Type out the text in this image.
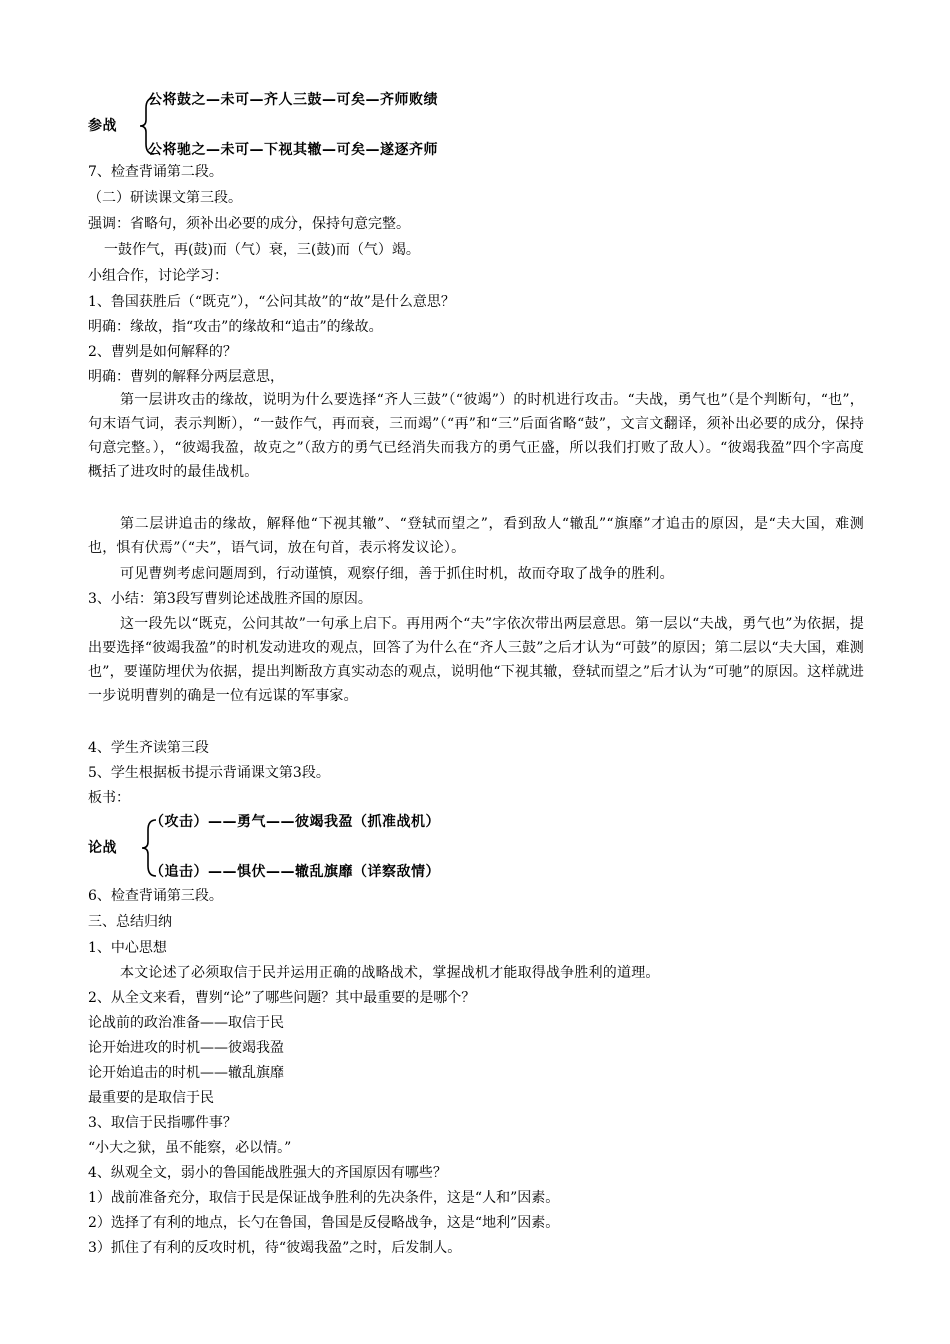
公将鼓之—未可—齐人三鼓—可矣—齐师败绩
参战
公将驰之—未可—下视其辙—可矣—遂逐齐师
7、检查背诵第二段。
（二）研读课文第三段。
强调：省略句，须补出必要的成分，保持句意完整。
一鼓作气，再(鼓)而（气）衰，三(鼓)而（气）竭。
小组合作，讨论学习：
1、鲁国获胜后（“既克”），“公问其故”的“故”是什么意思？
明确：缘故，指“攻击”的缘故和“追击”的缘故。
2、曹刿是如何解释的？
明确：曹刿的解释分两层意思，
第一层讲攻击的缘故，说明为什么要选择“齐人三鼓”（“彼竭”）的时机进行攻击。“夫战，勇气也”（是个判断句，“也”，句末语气词，表示判断），“一鼓作气，再而衰，三而竭”（“再”和“三”后面省略“鼓”，文言文翻译，须补出必要的成分，保持句意完整。），“彼竭我盈，故克之”（敌方的勇气已经消失而我方的勇气正盛，所以我们打败了敌人）。“彼竭我盈”四个字高度概括了进攻时的最佳战机。
第二层讲追击的缘故，解释他“下视其辙”、“登轼而望之”，看到敌人“辙乱”“旗靡”才追击的原因，是“夫大国，难测也，惧有伏焉”（“夫”，语气词，放在句首，表示将发议论）。
可见曹刿考虑问题周到，行动谨慎，观察仔细，善于抓住时机，故而夺取了战争的胜利。
3、小结：第3段写曹刿论述战胜齐国的原因。
这一段先以“既克，公问其故”一句承上启下。再用两个“夫”字依次带出两层意思。第一层以“夫战，勇气也”为依据，提出要选择“彼竭我盈”的时机发动进攻的观点，回答了为什么在“齐人三鼓”之后才认为“可鼓”的原因；第二层以“夫大国，难测也”，要谨防埋伏为依据，提出判断敌方真实动态的观点，说明他“下视其辙，登轼而望之”后才认为“可驰”的原因。这样就进一步说明曹刿的确是一位有远谋的军事家。
4、学生齐读第三段
5、学生根据板书提示背诵课文第3段。
板书：
（攻击）——勇气——彼竭我盈（抓准战机）
论战
（追击）——惧伏——辙乱旗靡（详察敌情）
6、检查背诵第三段。
三、总结归纳
1、中心思想
本文论述了必须取信于民并运用正确的战略战术，掌握战机才能取得战争胜利的道理。
2、从全文来看，曹刿“论”了哪些问题？其中最重要的是哪个？
论战前的政治准备——取信于民
论开始进攻的时机——彼竭我盈
论开始追击的时机——辙乱旗靡
最重要的是取信于民
3、取信于民指哪件事？
“小大之狱，虽不能察，必以情。”
4、纵观全文，弱小的鲁国能战胜强大的齐国原因有哪些？
1）战前准备充分，取信于民是保证战争胜利的先决条件，这是“人和”因素。
2）选择了有利的地点，长勺在鲁国，鲁国是反侵略战争，这是“地利”因素。
3）抓住了有利的反攻时机，待“彼竭我盈”之时，后发制人。
